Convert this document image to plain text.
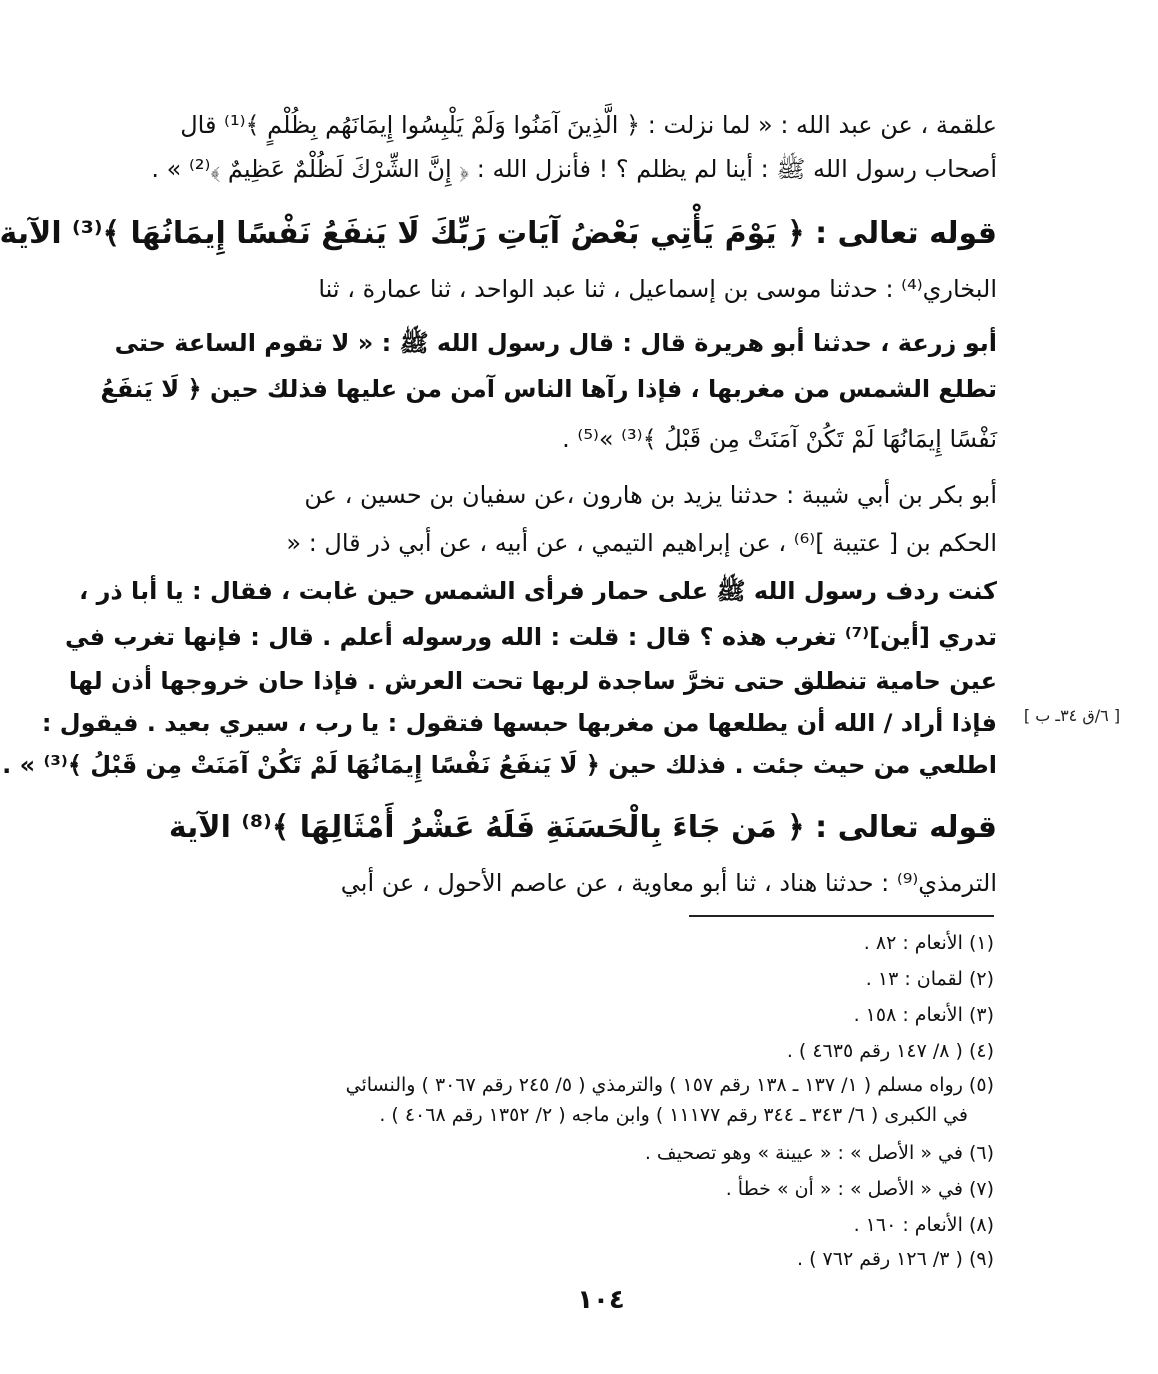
علقمة ، عن عبد الله : « لما نزلت : ﴿ الَّذِينَ آمَنُوا وَلَمْ يَلْبِسُوا إِيمَانَهُم بِظُلْمٍ ﴾⁽¹⁾ قال
أصحاب رسول الله ﷺ : أينا لم يظلم ؟ ! فأنزل الله : ﴿ إِنَّ الشِّرْكَ لَظُلْمٌ عَظِيمٌ ﴾⁽²⁾ » .
قوله تعالى : ﴿ يَوْمَ يَأْتِي بَعْضُ آيَاتِ رَبِّكَ لَا يَنفَعُ نَفْسًا إِيمَانُهَا ﴾⁽³⁾ الآية
البخاري⁽⁴⁾ : حدثنا موسى بن إسماعيل ، ثنا عبد الواحد ، ثنا عمارة ، ثنا
أبو زرعة ، حدثنا أبو هريرة قال : قال رسول الله ﷺ : « لا تقوم الساعة حتى
تطلع الشمس من مغربها ، فإذا رآها الناس آمن من عليها فذلك حين ﴿ لَا يَنفَعُ
نَفْسًا إِيمَانُهَا لَمْ تَكُنْ آمَنَتْ مِن قَبْلُ ﴾⁽³⁾ »⁽⁵⁾ .
أبو بكر بن أبي شيبة : حدثنا يزيد بن هارون ،عن سفيان بن حسين ، عن
الحكم بن [ عتيبة ]⁽⁶⁾ ، عن إبراهيم التيمي ، عن أبيه ، عن أبي ذر قال : «
كنت ردف رسول الله ﷺ على حمار فرأى الشمس حين غابت ، فقال : يا أبا ذر ،
تدري [أين]⁽⁷⁾ تغرب هذه ؟ قال : قلت : الله ورسوله أعلم . قال : فإنها تغرب في
عين حامية تنطلق حتى تخرَّ ساجدة لربها تحت العرش . فإذا حان خروجها أذن لها
فإذا أراد / الله أن يطلعها من مغربها حبسها فتقول : يا رب ، سيري بعيد . فيقول :
اطلعي من حيث جئت . فذلك حين ﴿ لَا يَنفَعُ نَفْسًا إِيمَانُهَا لَمْ تَكُنْ آمَنَتْ مِن قَبْلُ ﴾⁽³⁾ » .
قوله تعالى : ﴿ مَن جَاءَ بِالْحَسَنَةِ فَلَهُ عَشْرُ أَمْثَالِهَا ﴾⁽⁸⁾ الآية
الترمذي⁽⁹⁾ : حدثنا هناد ، ثنا أبو معاوية ، عن عاصم الأحول ، عن أبي
[ ٦/ق ٣٤ـ ب ]
(١) الأنعام : ٨٢ .
(٢) لقمان : ١٣ .
(٣) الأنعام : ١٥٨ .
(٤) ( ٨/ ١٤٧ رقم ٤٦٣٥ ) .
(٥) رواه مسلم ( ١/ ١٣٧ ـ ١٣٨ رقم ١٥٧ ) والترمذي ( ٥/ ٢٤٥ رقم ٣٠٦٧ ) والنسائي
في الكبرى ( ٦/ ٣٤٣ ـ ٣٤٤ رقم ١١١٧٧ ) وابن ماجه ( ٢/ ١٣٥٢ رقم ٤٠٦٨ ) .
(٦) في « الأصل » : « عيينة » وهو تصحيف .
(٧) في « الأصل » : « أن » خطأ .
(٨) الأنعام : ١٦٠ .
(٩) ( ٣/ ١٢٦ رقم ٧٦٢ ) .
١٠٤
